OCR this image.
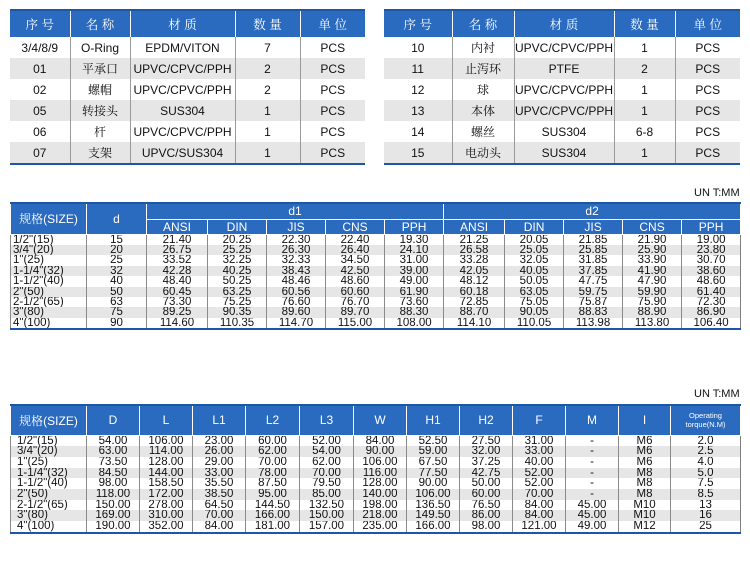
序 号	名 称	材 质	数 量	单 位
3/4/8/9	O-Ring	EPDM/VITON	7	PCS
01	平承口	UPVC/CPVC/PPH	2	PCS
02	螺帽	UPVC/CPVC/PPH	2	PCS
05	转接头	SUS304	1	PCS
06	杆	UPVC/CPVC/PPH	1	PCS
07	支架	UPVC/SUS304	1	PCS
序 号	名 称	材 质	数 量	单 位
10	内衬	UPVC/CPVC/PPH	1	PCS
11	止泻环	PTFE	2	PCS
12	球	UPVC/CPVC/PPH	1	PCS
13	本体	UPVC/CPVC/PPH	1	PCS
14	螺丝	SUS304	6-8	PCS
15	电动头	SUS304	1	PCS
UN T:MM
规格(SIZE)	d	d1					d2				
		ANSI	DIN	JIS	CNS	PPH	ANSI	DIN	JIS	CNS	PPH
1/2"(15)	15	21.40	20.25	22.30	22.40	19.30	21.25	20.05	21.85	21.90	19.00
3/4"(20)	20	26.75	25.25	26.30	26.40	24.10	26.58	25.05	25.85	25.90	23.80
1"(25)	25	33.52	32.25	32.33	34.50	31.00	33.28	32.05	31.85	33.90	30.70
1-1/4"(32)	32	42.28	40.25	38.43	42.50	39.00	42.05	40.05	37.85	41.90	38.60
1-1/2"(40)	40	48.40	50.25	48.46	48.60	49.00	48.12	50.05	47.75	47.90	48.60
2"(50)	50	60.45	63.25	60.56	60.60	61.90	60.18	63.05	59.75	59.90	61.40
2-1/2"(65)	63	73.30	75.25	76.60	76.70	73.60	72.85	75.05	75.87	75.90	72.30
3"(80)	75	89.25	90.35	89.60	89.70	88.30	88.70	90.05	88.83	88.90	86.90
4"(100)	90	114.60	110.35	114.70	115.00	108.00	114.10	110.05	113.98	113.80	106.40
UN T:MM
规格(SIZE)	D	L	L1	L2	L3	W	H1	H2	F	M	I	Operating torque(N.M)
1/2"(15)	54.00	106.00	23.00	60.00	52.00	84.00	52.50	27.50	31.00	-	M6	2.0
3/4"(20)	63.00	114.00	26.00	62.00	54.00	90.00	59.00	32.00	33.00	-	M6	2.5
1"(25)	73.50	128.00	29.00	70.00	62.00	106.00	67.50	37.25	40.00	-	M6	4.0
1-1/4"(32)	84.50	144.00	33.00	78.00	70.00	116.00	77.50	42.75	52.00	-	M8	5.0
1-1/2"(40)	98.00	158.50	35.50	87.50	79.50	128.00	90.00	50.00	52.00	-	M8	7.5
2"(50)	118.00	172.00	38.50	95.00	85.00	140.00	106.00	60.00	70.00	-	M8	8.5
2-1/2"(65)	150.00	278.00	64.50	144.50	132.50	198.00	136.50	76.50	84.00	45.00	M10	13
3"(80)	169.00	310.00	70.00	166.00	150.00	218.00	149.50	86.00	84.00	45.00	M10	16
4"(100)	190.00	352.00	84.00	181.00	157.00	235.00	166.00	98.00	121.00	49.00	M12	25
